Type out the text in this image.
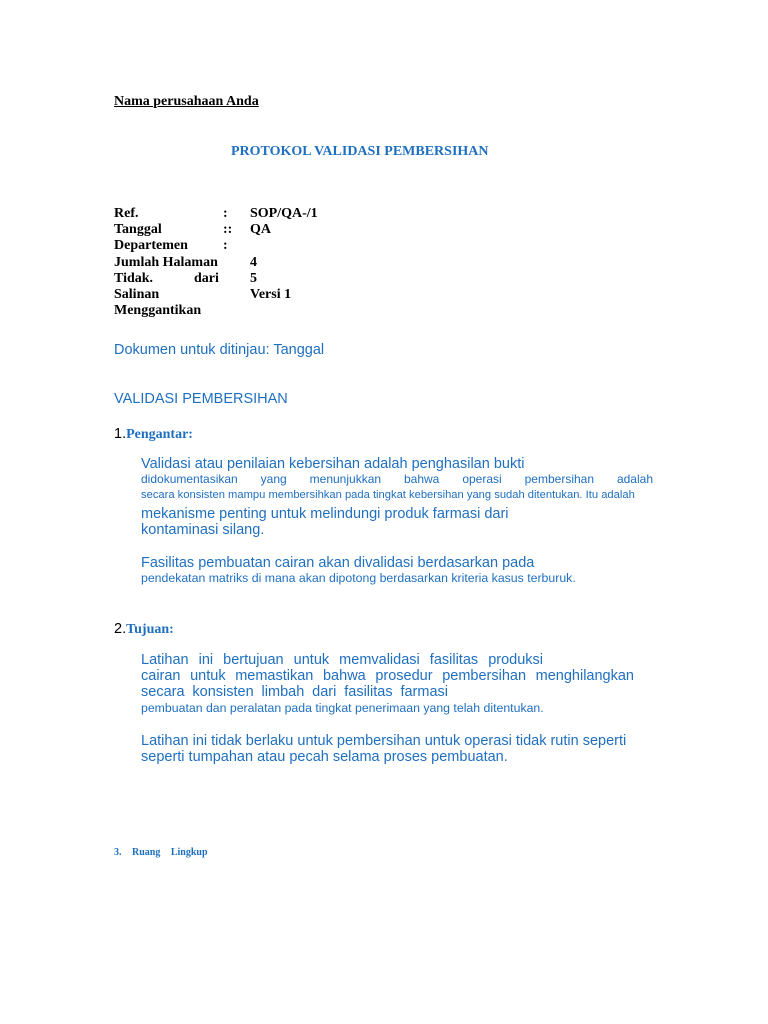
Nama perusahaan Anda
PROTOKOL VALIDASI PEMBERSIHAN
Ref.	: SOP/QA-/1
Tanggal	:: QA
Departemen	:
Jumlah Halaman 4
Tidak.	dari 5
Salinan	Versi 1
Menggantikan
Dokumen untuk ditinjau: Tanggal
VALIDASI PEMBERSIHAN
1.Pengantar:
Validasi atau penilaian kebersihan adalah penghasilan bukti
didokumentasikan yang menunjukkan bahwa operasi pembersihan adalah
secara konsisten mampu membersihkan pada tingkat kebersihan yang sudah ditentukan. Itu adalah
mekanisme penting untuk melindungi produk farmasi dari
kontaminasi silang.
Fasilitas pembuatan cairan akan divalidasi berdasarkan pada
pendekatan matriks di mana akan dipotong berdasarkan kriteria kasus terburuk.
2.Tujuan:
Latihan ini bertujuan untuk memvalidasi fasilitas produksi
cairan untuk memastikan bahwa prosedur pembersihan menghilangkan
secara konsisten limbah dari fasilitas farmasi
pembuatan dan peralatan pada tingkat penerimaan yang telah ditentukan.
Latihan ini tidak berlaku untuk pembersihan untuk operasi tidak rutin seperti
seperti tumpahan atau pecah selama proses pembuatan.
3. Ruang Lingkup
